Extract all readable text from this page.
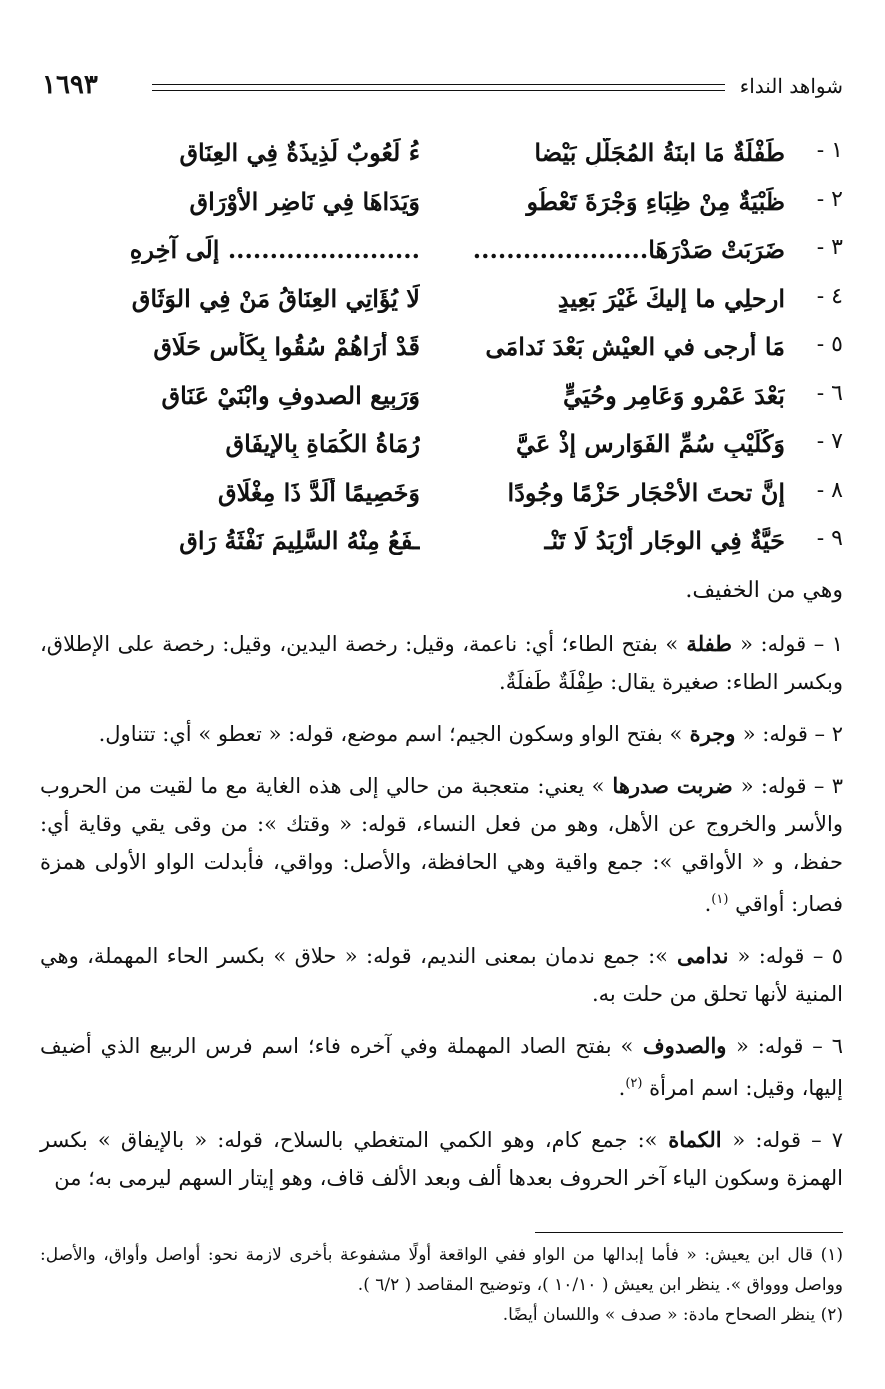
شواهد النداء
١٦٩٣
١ -
طَفْلَةٌ مَا ابنَةُ المُجَلَّلِ بَيْضا
ءُ لَعُوبٌ لَذِيذَةٌ فِي العِنَاقِ
٢ -
ظَبْيَةٌ مِنْ ظِبَاءِ وَجْرَةَ تَعْطُو
وَيَدَاهَا فِي نَاضِرِ الأَوْرَاقِ
٣ -
ضَرَبَتْ صَدْرَهَا.....................
....................... إِلَى آخِرِهِ
٤ -
ارحلِي ما إليكَ غَيْرَ بَعِيدٍ
لَا يُؤَاتِي العِنَاقُ مَنْ فِي الوَثَاقِ
٥ -
مَا أرجى في العيْشِ بَعْدَ نَدامَى
قَدْ أَرَاهُمْ سُقُوا بِكَأْسِ حَلَاقِ
٦ -
بَعْدَ عَمْرٍو وَعَامِرٍ وحُيَيٍّ
وَرَبِيعِ الصدوفِ وابْنَيْ عَنَاقِ
٧ -
وَكُلَيْبٍ سُمِّ الفَوَارِسِ إِذْ عَيَّ
رُمَاةُ الكُمَاةِ بِالإِيفَاقِ
٨ -
إِنَّ تحتَ الأَحْجَارِ حَزْمًا وجُودًا
وَخَصِيمًا أَلَدَّ ذَا مِغْلَاقِ
٩ -
حَيَّةٌ فِي الوِجَارِ أَرْبَدُ لَا تَنْـ
ـفَعُ مِنْهُ السَّلِيمَ نَفْثَةُ رَاقِ
وهي من الخفيف.

١ – قوله: « طفلة » بفتح الطاء؛ أي: ناعمة، وقيل: رخصة اليدين، وقيل: رخصة على الإطلاق، وبكسر الطاء: صغيرة يقال: طِفْلَةٌ طَفلَةٌ.

٢ – قوله: « وجرة » بفتح الواو وسكون الجيم؛ اسم موضع، قوله: « تعطو » أي: تتناول.

٣ – قوله: « ضربت صدرها » يعني: متعجبة من حالي إلى هذه الغاية مع ما لقيت من الحروب والأسر والخروج عن الأهل، وهو من فعل النساء، قوله: « وقتك »: من وقى يقي وقاية أي: حفظ، و « الأواقي »: جمع واقية وهي الحافظة، والأصل: وواقي، فأبدلت الواو الأولى همزة فصار: أواقي $^{(١)}$.

٥ – قوله: « ندامى »: جمع ندمان بمعنى النديم، قوله: « حلاق » بكسر الحاء المهملة، وهي المنية لأنها تحلق من حلت به.

٦ – قوله: « والصدوف » بفتح الصاد المهملة وفي آخره فاء؛ اسم فرس الربيع الذي أضيف إليها، وقيل: اسم امرأة $^{(٢)}$.

٧ – قوله: « الكماة »: جمع كام، وهو الكمي المتغطي بالسلاح، قوله: « بالإيفاق » بكسر الهمزة وسكون الياء آخر الحروف بعدها ألف وبعد الألف قاف، وهو إيتار السهم ليرمى به؛ من

(١) قال ابن يعيش: « فأما إبدالها من الواو ففي الواقعة أولًا مشفوعة بأخرى لازمة نحو: أواصل وأواق، والأصل: وواصل ووواق ». ينظر ابن يعيش ( ١٠/١٠ )، وتوضيح المقاصد ( ٦/٢ ).

(٢) ينظر الصحاح مادة: « صدف » واللسان أيضًا.
